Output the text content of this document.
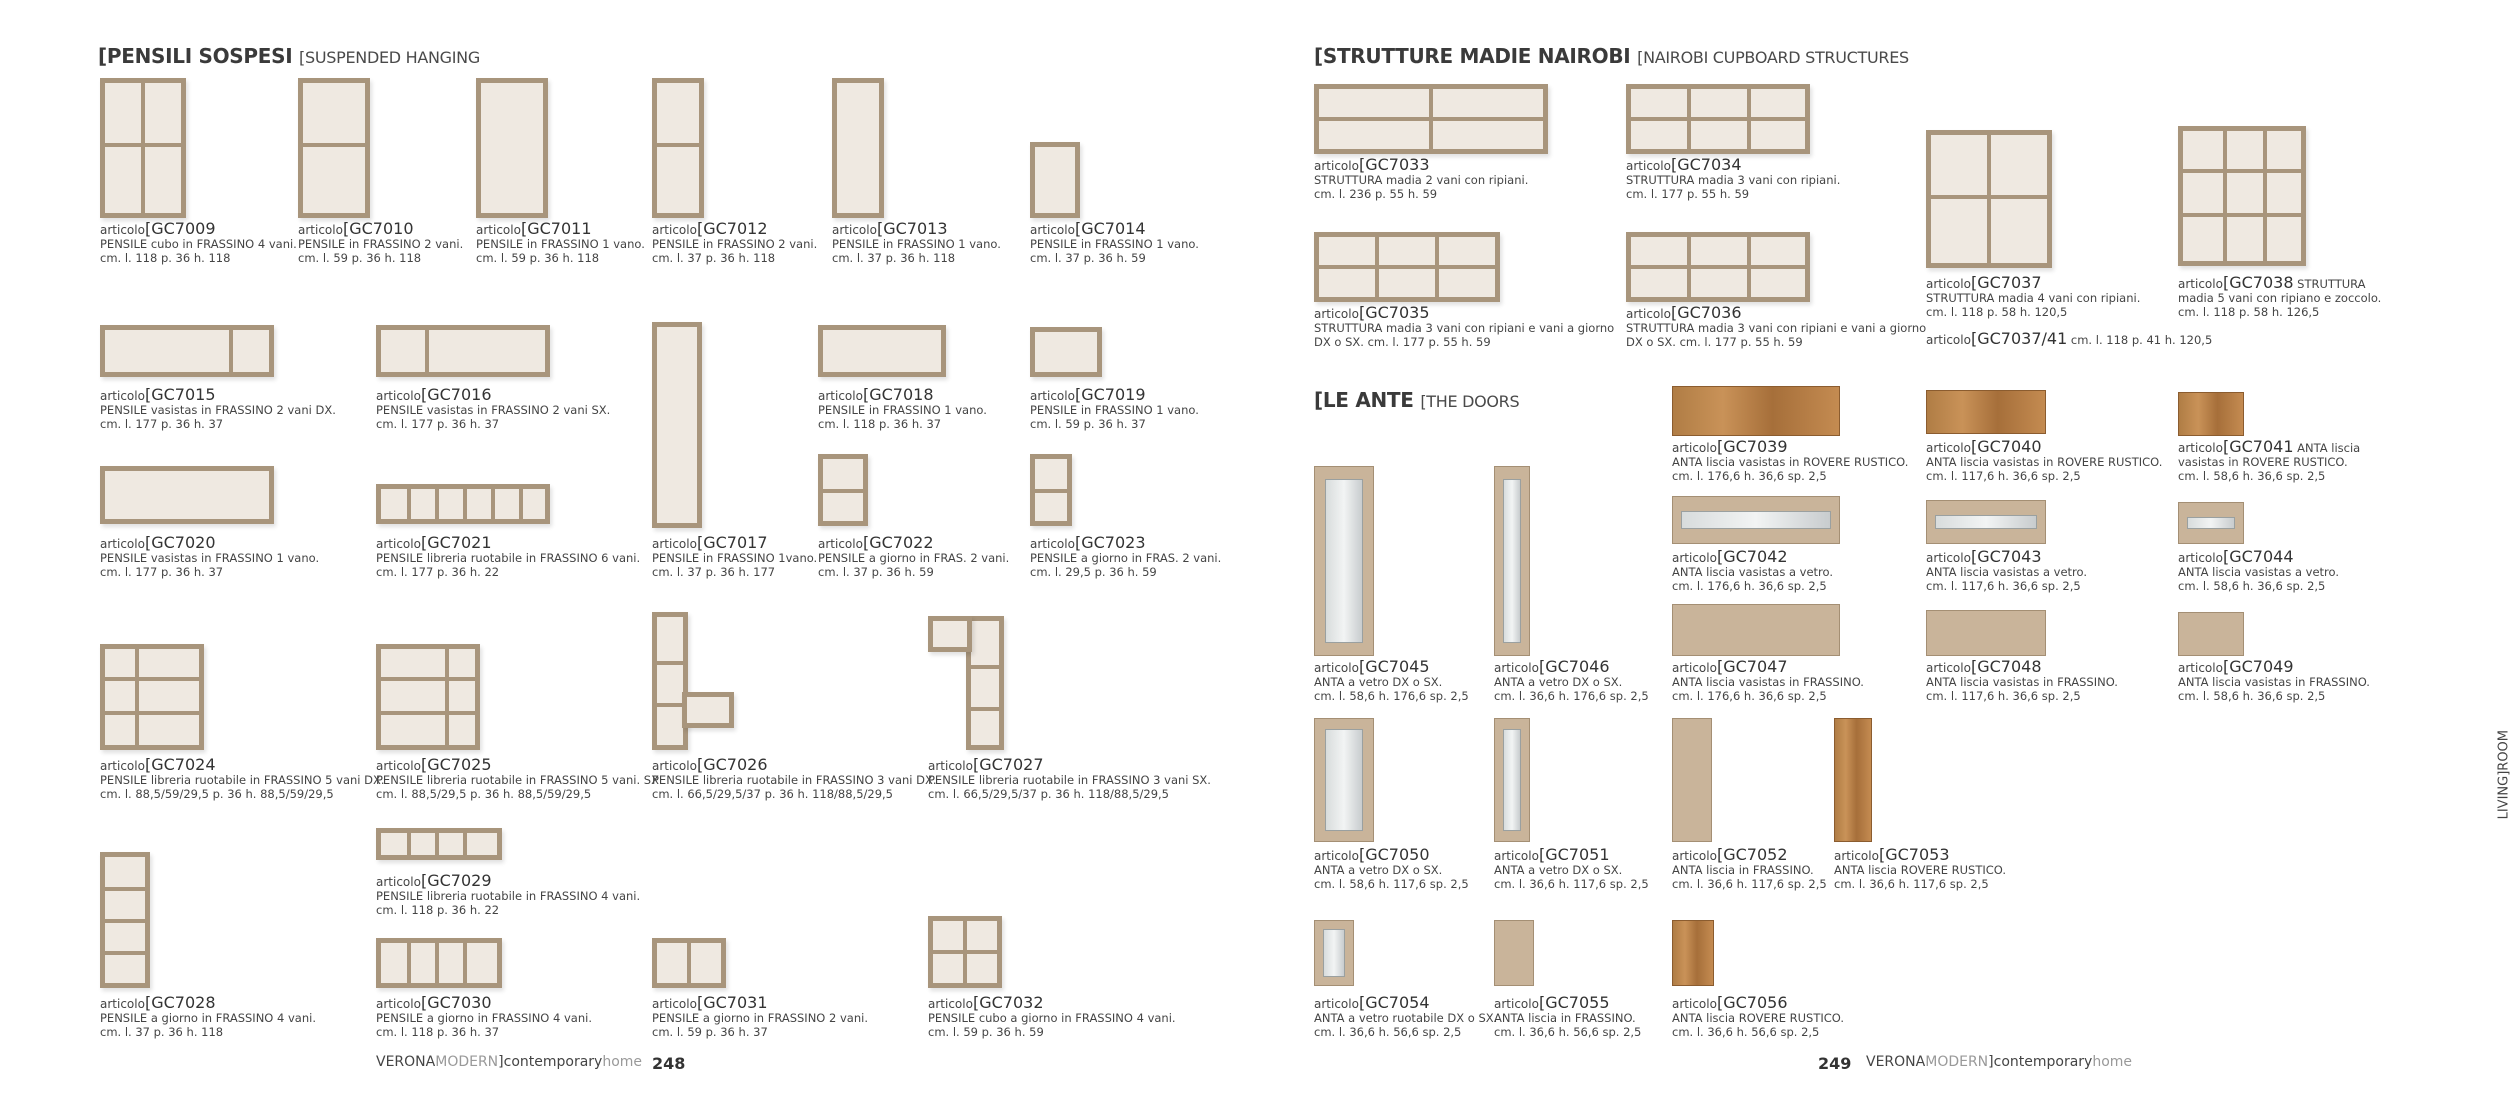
[PENSILI SOSPESI [SUSPENDED HANGING
articolo[GC7009
PENSILE cubo in FRASSINO 4 vani.
cm. l. 118 p. 36 h. 118
articolo[GC7010
PENSILE in FRASSINO 2 vani.
cm. l. 59 p. 36 h. 118
articolo[GC7011
PENSILE in FRASSINO 1 vano.
cm. l. 59 p. 36 h. 118
articolo[GC7012
PENSILE in FRASSINO 2 vani.
cm. l. 37 p. 36 h. 118
articolo[GC7013
PENSILE in FRASSINO 1 vano.
cm. l. 37 p. 36 h. 118
articolo[GC7014
PENSILE in FRASSINO 1 vano.
cm. l. 37 p. 36 h. 59
articolo[GC7015
PENSILE vasistas in FRASSINO 2 vani DX.
cm. l. 177 p. 36 h. 37
articolo[GC7016
PENSILE vasistas in FRASSINO 2 vani SX.
cm. l. 177 p. 36 h. 37
articolo[GC7018
PENSILE in FRASSINO 1 vano.
cm. l. 118 p. 36 h. 37
articolo[GC7019
PENSILE in FRASSINO 1 vano.
cm. l. 59 p. 36 h. 37
articolo[GC7020
PENSILE vasistas in FRASSINO 1 vano.
cm. l. 177 p. 36 h. 37
articolo[GC7021
PENSILE libreria ruotabile in FRASSINO 6 vani.
cm. l. 177 p. 36 h. 22
articolo[GC7017
PENSILE in FRASSINO 1vano.
cm. l. 37 p. 36 h. 177
articolo[GC7022
PENSILE a giorno in FRAS. 2 vani.
cm. l. 37 p. 36 h. 59
articolo[GC7023
PENSILE a giorno in FRAS. 2 vani.
cm. l. 29,5 p. 36 h. 59
articolo[GC7024
PENSILE libreria ruotabile in FRASSINO 5 vani DX.
cm. l. 88,5/59/29,5 p. 36 h. 88,5/59/29,5
articolo[GC7025
PENSILE libreria ruotabile in FRASSINO 5 vani. SX
cm. l. 88,5/29,5 p. 36 h. 88,5/59/29,5
articolo[GC7026
PENSILE libreria ruotabile in FRASSINO 3 vani DX.
cm. l. 66,5/29,5/37 p. 36 h. 118/88,5/29,5
articolo[GC7027
PENSILE libreria ruotabile in FRASSINO 3 vani SX.
cm. l. 66,5/29,5/37 p. 36 h. 118/88,5/29,5
articolo[GC7029
PENSILE libreria ruotabile in FRASSINO 4 vani.
cm. l. 118 p. 36 h. 22
articolo[GC7028
PENSILE a giorno in FRASSINO 4 vani.
cm. l. 37 p. 36 h. 118
articolo[GC7030
PENSILE a giorno in FRASSINO 4 vani.
cm. l. 118 p. 36 h. 37
articolo[GC7031
PENSILE a giorno in FRASSINO 2 vani.
cm. l. 59 p. 36 h. 37
articolo[GC7032
PENSILE cubo a giorno in FRASSINO 4 vani.
cm. l. 59 p. 36 h. 59
VERONAMODERN]contemporaryhome 248
[STRUTTURE MADIE NAIROBI [NAIROBI CUPBOARD STRUCTURES
articolo[GC7033
STRUTTURA madia 2 vani con ripiani.
cm. l. 236 p. 55 h. 59
articolo[GC7034
STRUTTURA madia 3 vani con ripiani.
cm. l. 177 p. 55 h. 59
articolo[GC7035
STRUTTURA madia 3 vani con ripiani e vani a giorno
DX o SX. cm. l. 177 p. 55 h. 59
articolo[GC7036
STRUTTURA madia 3 vani con ripiani e vani a giorno
DX o SX. cm. l. 177 p. 55 h. 59
articolo[GC7037
STRUTTURA madia 4 vani con ripiani.
cm. l. 118 p. 58 h. 120,5
articolo[GC7038 STRUTTURA
madia 5 vani con ripiano e zoccolo.
cm. l. 118 p. 58 h. 126,5
articolo[GC7037/41 cm. l. 118 p. 41 h. 120,5
[LE ANTE [THE DOORS
articolo[GC7039
ANTA liscia vasistas in ROVERE RUSTICO.
cm. l. 176,6 h. 36,6 sp. 2,5
articolo[GC7040
ANTA liscia vasistas in ROVERE RUSTICO.
cm. l. 117,6 h. 36,6 sp. 2,5
articolo[GC7041 ANTA liscia
vasistas in ROVERE RUSTICO.
cm. l. 58,6 h. 36,6 sp. 2,5
articolo[GC7042
ANTA liscia vasistas a vetro.
cm. l. 176,6 h. 36,6 sp. 2,5
articolo[GC7043
ANTA liscia vasistas a vetro.
cm. l. 117,6 h. 36,6 sp. 2,5
articolo[GC7044
ANTA liscia vasistas a vetro.
cm. l. 58,6 h. 36,6 sp. 2,5
articolo[GC7045
ANTA a vetro DX o SX.
cm. l. 58,6 h. 176,6 sp. 2,5
articolo[GC7046
ANTA a vetro DX o SX.
cm. l. 36,6 h. 176,6 sp. 2,5
articolo[GC7047
ANTA liscia vasistas in FRASSINO.
cm. l. 176,6 h. 36,6 sp. 2,5
articolo[GC7048
ANTA liscia vasistas in FRASSINO.
cm. l. 117,6 h. 36,6 sp. 2,5
articolo[GC7049
ANTA liscia vasistas in FRASSINO.
cm. l. 58,6 h. 36,6 sp. 2,5
articolo[GC7050
ANTA a vetro DX o SX.
cm. l. 58,6 h. 117,6 sp. 2,5
articolo[GC7051
ANTA a vetro DX o SX.
cm. l. 36,6 h. 117,6 sp. 2,5
articolo[GC7052
ANTA liscia in FRASSINO.
cm. l. 36,6 h. 117,6 sp. 2,5
articolo[GC7053
ANTA liscia ROVERE RUSTICO.
cm. l. 36,6 h. 117,6 sp. 2,5
articolo[GC7054
ANTA a vetro ruotabile DX o SX.
cm. l. 36,6 h. 56,6 sp. 2,5
articolo[GC7055
ANTA liscia in FRASSINO.
cm. l. 36,6 h. 56,6 sp. 2,5
articolo[GC7056
ANTA liscia ROVERE RUSTICO.
cm. l. 36,6 h. 56,6 sp. 2,5
249 VERONAMODERN]contemporaryhome
LIVING]ROOM
